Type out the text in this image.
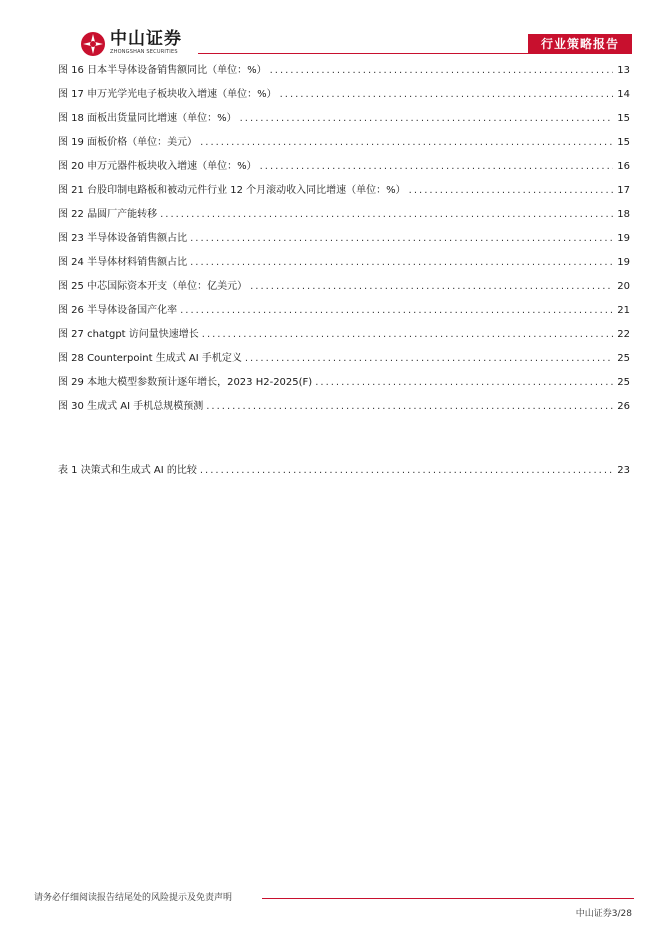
中山证券
ZHONGSHAN SECURITIES
行业策略报告
图 16 日本半导体设备销售额同比（单位：%） .....	13
图 17 申万光学光电子板块收入增速（单位：%） .....	14
图 18 面板出货量同比增速（单位：%） .....	15
图 19 面板价格（单位：美元） .....	15
图 20 申万元器件板块收入增速（单位：%） .....	16
图 21 台股印制电路板和被动元件行业 12 个月滚动收入同比增速（单位：%） .....	17
图 22 晶圆厂产能转移 .....	18
图 23 半导体设备销售额占比 .....	19
图 24 半导体材料销售额占比 .....	19
图 25 中芯国际资本开支（单位：亿美元） .....	20
图 26 半导体设备国产化率 .....	21
图 27 chatgpt 访问量快速增长 .....	22
图 28 Counterpoint 生成式 AI 手机定义 .....	25
图 29 本地大模型参数预计逐年增长，2023 H2-2025(F) .....	25
图 30 生成式 AI 手机总规模预测 .....	26
表 1 决策式和生成式 AI 的比较 .....	23
请务必仔细阅读报告结尾处的风险提示及免责声明
中山证券3/28
